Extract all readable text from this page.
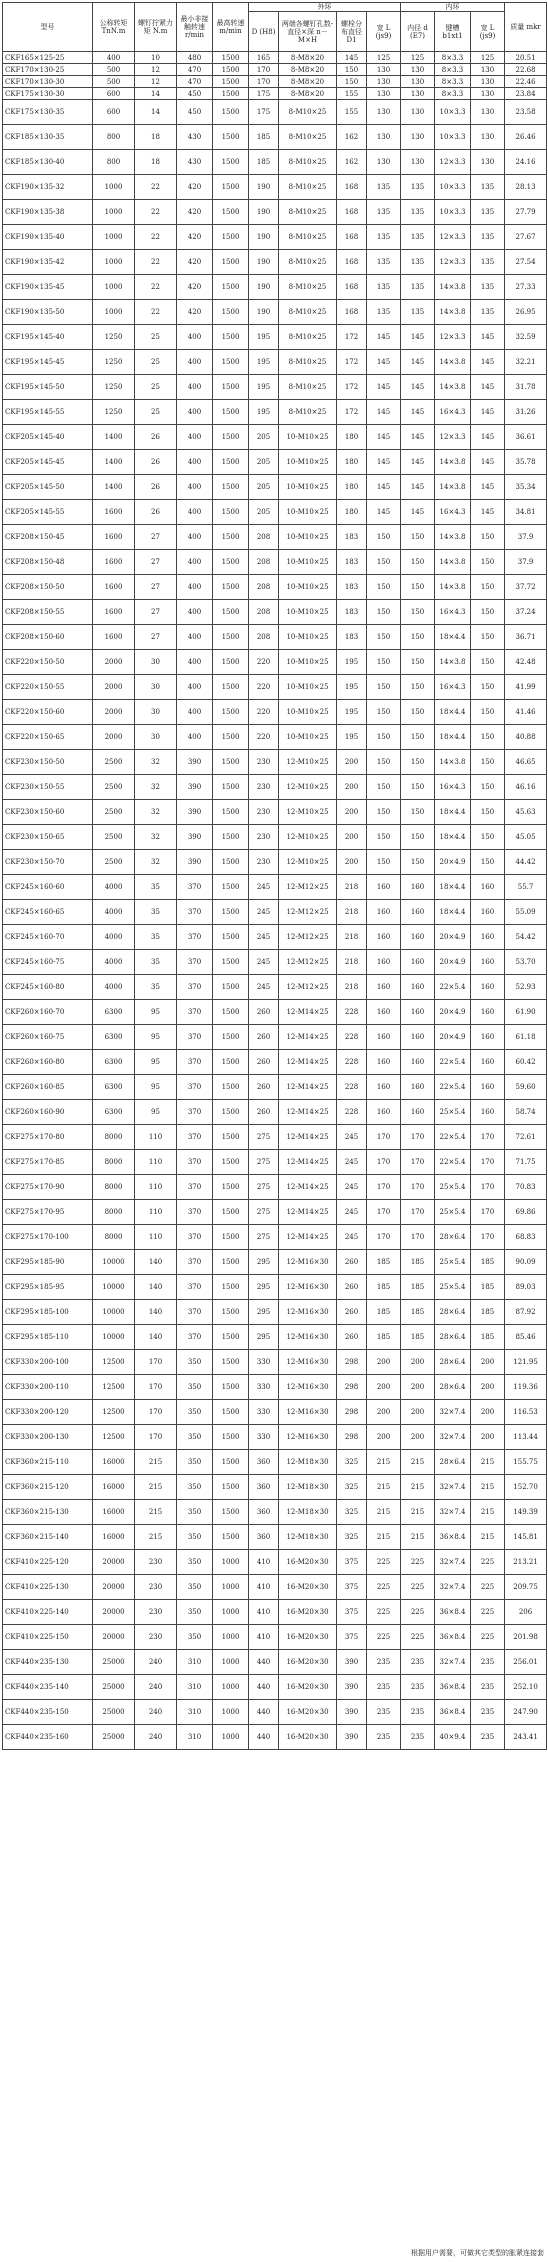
型号	公称转矩 TnN.m	螺钉拧紧力矩 N.m	最小非接触转速 r/min	最高转速 m/min	外环				内环			质量 mkr
					D (H8)	两端各螺钉孔数-直径×深 n－M×H	螺栓分布直径 D1	宽 L (js9)	内径 d (E7)	键槽 b1xt1	宽 L (js9)	
CKF165×125-25	400	10	480	1500	165	8-M8×20	145	125	125	8×3.3	125	20.51
CKF170×130-25	500	12	470	1500	170	8-M8×20	150	130	130	8×3.3	130	22.68
CKF170×130-30	500	12	470	1500	170	8-M8×20	150	130	130	8×3.3	130	22.46
CKF175×130-30	600	14	450	1500	175	8-M8×20	155	130	130	8×3.3	130	23.84
CKF175×130-35	600	14	450	1500	175	8-M10×25	155	130	130	10×3.3	130	23.58
CKF185×130-35	800	18	430	1500	185	8-M10×25	162	130	130	10×3.3	130	26.46
CKF185×130-40	800	18	430	1500	185	8-M10×25	162	130	130	12×3.3	130	24.16
CKF190×135-32	1000	22	420	1500	190	8-M10×25	168	135	135	10×3.3	135	28.13
CKF190×135-38	1000	22	420	1500	190	8-M10×25	168	135	135	10×3.3	135	27.79
CKF190×135-40	1000	22	420	1500	190	8-M10×25	168	135	135	12×3.3	135	27.67
CKF190×135-42	1000	22	420	1500	190	8-M10×25	168	135	135	12×3.3	135	27.54
CKF190×135-45	1000	22	420	1500	190	8-M10×25	168	135	135	14×3.8	135	27.33
CKF190×135-50	1000	22	420	1500	190	8-M10×25	168	135	135	14×3.8	135	26.95
CKF195×145-40	1250	25	400	1500	195	8-M10×25	172	145	145	12×3.3	145	32.59
CKF195×145-45	1250	25	400	1500	195	8-M10×25	172	145	145	14×3.8	145	32.21
CKF195×145-50	1250	25	400	1500	195	8-M10×25	172	145	145	14×3.8	145	31.78
CKF195×145-55	1250	25	400	1500	195	8-M10×25	172	145	145	16×4.3	145	31.26
CKF205×145-40	1400	26	400	1500	205	10-M10×25	180	145	145	12×3.3	145	36.61
CKF205×145-45	1400	26	400	1500	205	10-M10×25	180	145	145	14×3.8	145	35.78
CKF205×145-50	1400	26	400	1500	205	10-M10×25	180	145	145	14×3.8	145	35.34
CKF205×145-55	1600	26	400	1500	205	10-M10×25	180	145	145	16×4.3	145	34.81
CKF208×150-45	1600	27	400	1500	208	10-M10×25	183	150	150	14×3.8	150	37.9
CKF208×150-48	1600	27	400	1500	208	10-M10×25	183	150	150	14×3.8	150	37.9
CKF208×150-50	1600	27	400	1500	208	10-M10×25	183	150	150	14×3.8	150	37.72
CKF208×150-55	1600	27	400	1500	208	10-M10×25	183	150	150	16×4.3	150	37.24
CKF208×150-60	1600	27	400	1500	208	10-M10×25	183	150	150	18×4.4	150	36.71
CKF220×150-50	2000	30	400	1500	220	10-M10×25	195	150	150	14×3.8	150	42.48
CKF220×150-55	2000	30	400	1500	220	10-M10×25	195	150	150	16×4.3	150	41.99
CKF220×150-60	2000	30	400	1500	220	10-M10×25	195	150	150	18×4.4	150	41.46
CKF220×150-65	2000	30	400	1500	220	10-M10×25	195	150	150	18×4.4	150	40.88
CKF230×150-50	2500	32	390	1500	230	12-M10×25	200	150	150	14×3.8	150	46.65
CKF230×150-55	2500	32	390	1500	230	12-M10×25	200	150	150	16×4.3	150	46.16
CKF230×150-60	2500	32	390	1500	230	12-M10×25	200	150	150	18×4.4	150	45.63
CKF230×150-65	2500	32	390	1500	230	12-M10×25	200	150	150	18×4.4	150	45.05
CKF230×150-70	2500	32	390	1500	230	12-M10×25	200	150	150	20×4.9	150	44.42
CKF245×160-60	4000	35	370	1500	245	12-M12×25	218	160	160	18×4.4	160	55.7
CKF245×160-65	4000	35	370	1500	245	12-M12×25	218	160	160	18×4.4	160	55.09
CKF245×160-70	4000	35	370	1500	245	12-M12×25	218	160	160	20×4.9	160	54.42
CKF245×160-75	4000	35	370	1500	245	12-M12×25	218	160	160	20×4.9	160	53.70
CKF245×160-80	4000	35	370	1500	245	12-M12×25	218	160	160	22×5.4	160	52.93
CKF260×160-70	6300	95	370	1500	260	12-M14×25	228	160	160	20×4.9	160	61.90
CKF260×160-75	6300	95	370	1500	260	12-M14×25	228	160	160	20×4.9	160	61.18
CKF260×160-80	6300	95	370	1500	260	12-M14×25	228	160	160	22×5.4	160	60.42
CKF260×160-85	6300	95	370	1500	260	12-M14×25	228	160	160	22×5.4	160	59.60
CKF260×160-90	6300	95	370	1500	260	12-M14×25	228	160	160	25×5.4	160	58.74
CKF275×170-80	8000	110	370	1500	275	12-M14×25	245	170	170	22×5.4	170	72.61
CKF275×170-85	8000	110	370	1500	275	12-M14×25	245	170	170	22×5.4	170	71.75
CKF275×170-90	8000	110	370	1500	275	12-M14×25	245	170	170	25×5.4	170	70.83
CKF275×170-95	8000	110	370	1500	275	12-M14×25	245	170	170	25×5.4	170	69.86
CKF275×170-100	8000	110	370	1500	275	12-M14×25	245	170	170	28×6.4	170	68.83
CKF295×185-90	10000	140	370	1500	295	12-M16×30	260	185	185	25×5.4	185	90.09
CKF295×185-95	10000	140	370	1500	295	12-M16×30	260	185	185	25×5.4	185	89.03
CKF295×185-100	10000	140	370	1500	295	12-M16×30	260	185	185	28×6.4	185	87.92
CKF295×185-110	10000	140	370	1500	295	12-M16×30	260	185	185	28×6.4	185	85.46
CKF330×200-100	12500	170	350	1500	330	12-M16×30	298	200	200	28×6.4	200	121.95
CKF330×200-110	12500	170	350	1500	330	12-M16×30	298	200	200	28×6.4	200	119.36
CKF330×200-120	12500	170	350	1500	330	12-M16×30	298	200	200	32×7.4	200	116.53
CKF330×200-130	12500	170	350	1500	330	12-M16×30	298	200	200	32×7.4	200	113.44
CKF360×215-110	16000	215	350	1500	360	12-M18×30	325	215	215	28×6.4	215	155.75
CKF360×215-120	16000	215	350	1500	360	12-M18×30	325	215	215	32×7.4	215	152.70
CKF360×215-130	16000	215	350	1500	360	12-M18×30	325	215	215	32×7.4	215	149.39
CKF360×215-140	16000	215	350	1500	360	12-M18×30	325	215	215	36×8.4	215	145.81
CKF410×225-120	20000	230	350	1000	410	16-M20×30	375	225	225	32×7.4	225	213.21
CKF410×225-130	20000	230	350	1000	410	16-M20×30	375	225	225	32×7.4	225	209.75
CKF410×225-140	20000	230	350	1000	410	16-M20×30	375	225	225	36×8.4	225	206
CKF410×225-150	20000	230	350	1000	410	16-M20×30	375	225	225	36×8.4	225	201.98
CKF440×235-130	25000	240	310	1000	440	16-M20×30	390	235	235	32×7.4	235	256.01
CKF440×235-140	25000	240	310	1000	440	16-M20×30	390	235	235	36×8.4	235	252.10
CKF440×235-150	25000	240	310	1000	440	16-M20×30	390	235	235	36×8.4	235	247.90
CKF440×235-160	25000	240	310	1000	440	16-M20×30	390	235	235	40×9.4	235	243.41
根据用户需要，可做其它类型的胀紧连接套
